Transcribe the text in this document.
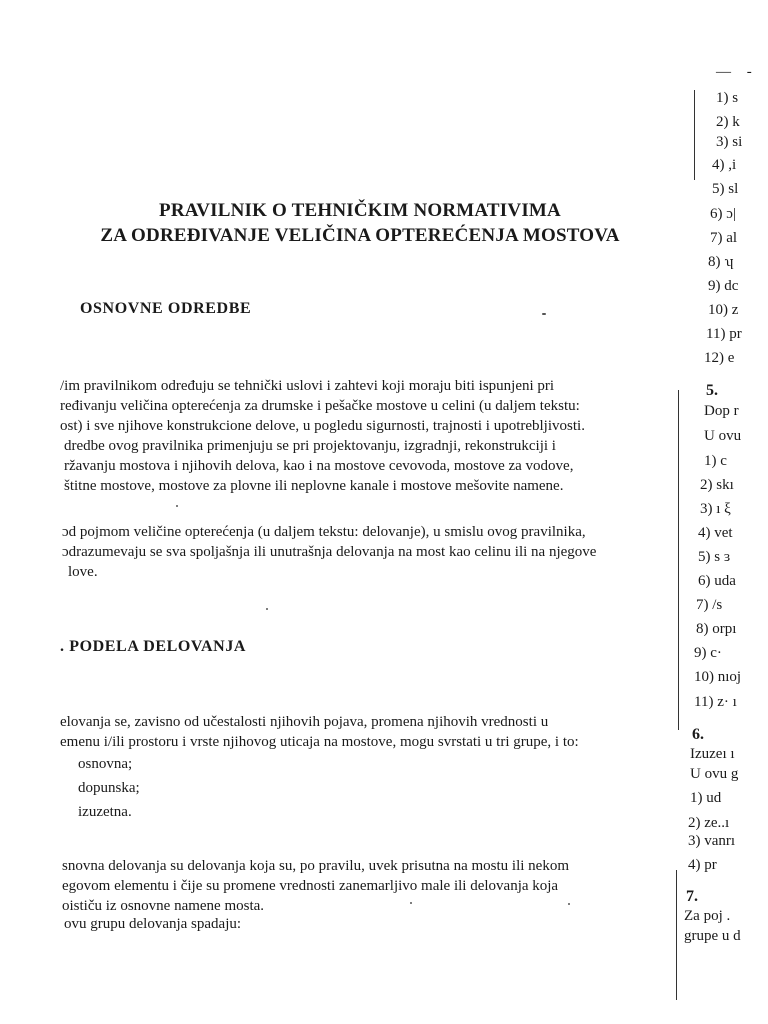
PRAVILNIK O TEHNIČKIM NORMATIVIMA
ZA ODREĐIVANJE VELIČINA OPTEREĆENJA MOSTOVA
OSNOVNE ODREDBE
/im pravilnikom određuju se tehnički uslovi i zahtevi koji moraju biti ispunjeni pri
ređivanju veličina opterećenja za drumske i pešačke mostove u celini (u daljem tekstu:
ost) i sve njihove konstrukcione delove, u pogledu sigurnosti, trajnosti i upotrebljivosti.
dredbe ovog pravilnika primenjuju se pri projektovanju, izgradnji, rekonstrukciji i
ržavanju mostova i njihovih delova, kao i na mostove cevovoda, mostove za vodove,
štitne mostove, mostove za plovne ili neplovne kanale i mostove mešovite namene.
ɔd pojmom veličine opterećenja (u daljem tekstu: delovanje), u smislu ovog pravilnika,
ɔdrazumevaju se sva spoljašnja ili unutrašnja delovanja na most kao celinu ili na njegove
love.
. PODELA DELOVANJA
elovanja se, zavisno od učestalosti njihovih pojava, promena njihovih vrednosti u
emenu i/ili prostoru i vrste njihovog uticaja na mostove, mogu svrstati u tri grupe, i to:
osnovna;
dopunska;
izuzetna.
snovna delovanja su delovanja koja su, po pravilu, uvek prisutna na mostu ili nekom
egovom elementu i čije su promene vrednosti zanemarljivo male ili delovanja koja
oističu iz osnovne namene mosta.
ovu grupu delovanja spadaju:
— -
1) s
2) k
3) si
4) ,i
5) sl
6) ɔ|
7) al
8) ʮ
9) dc
10) z
11) pr
12) e
5.
Dop r
U ovu
1) c
2) skı
3) ı ξ
4) vet
5) s ɜ
6) uda
7) /s
8) orpı
9) c·
10) nıoj
11) z· ı
6.
Izuzeı ı
U ovu g
1) ud
2) ze..ı
3) vanrı
4) pr
7.
Za poj .
grupe u d
